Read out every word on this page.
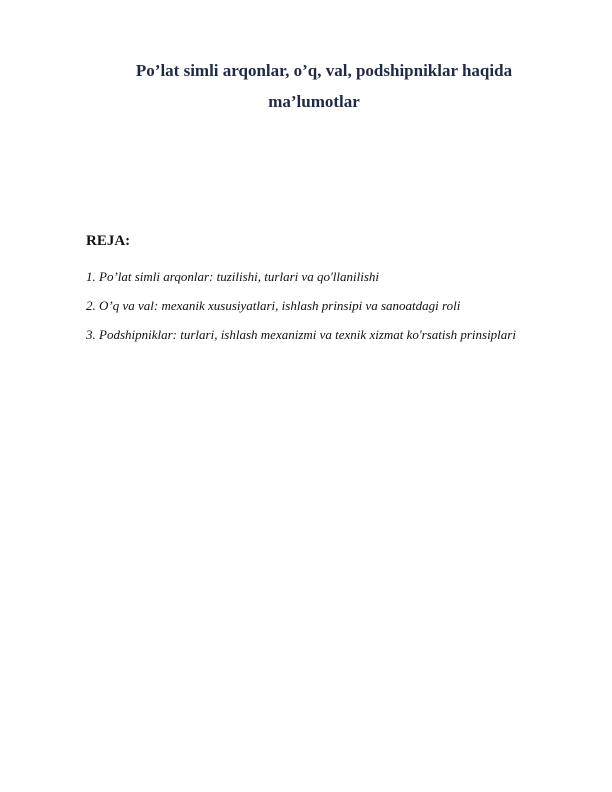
Po’lat simli arqonlar, o’q, val, podshipniklar haqida
ma’lumotlar
REJA:
1. Po’lat simli arqonlar: tuzilishi, turlari va qo'llanilishi
2. O’q va val: mexanik xususiyatlari, ishlash prinsipi va sanoatdagi roli
3. Podshipniklar: turlari, ishlash mexanizmi va texnik xizmat ko'rsatish prinsiplari
